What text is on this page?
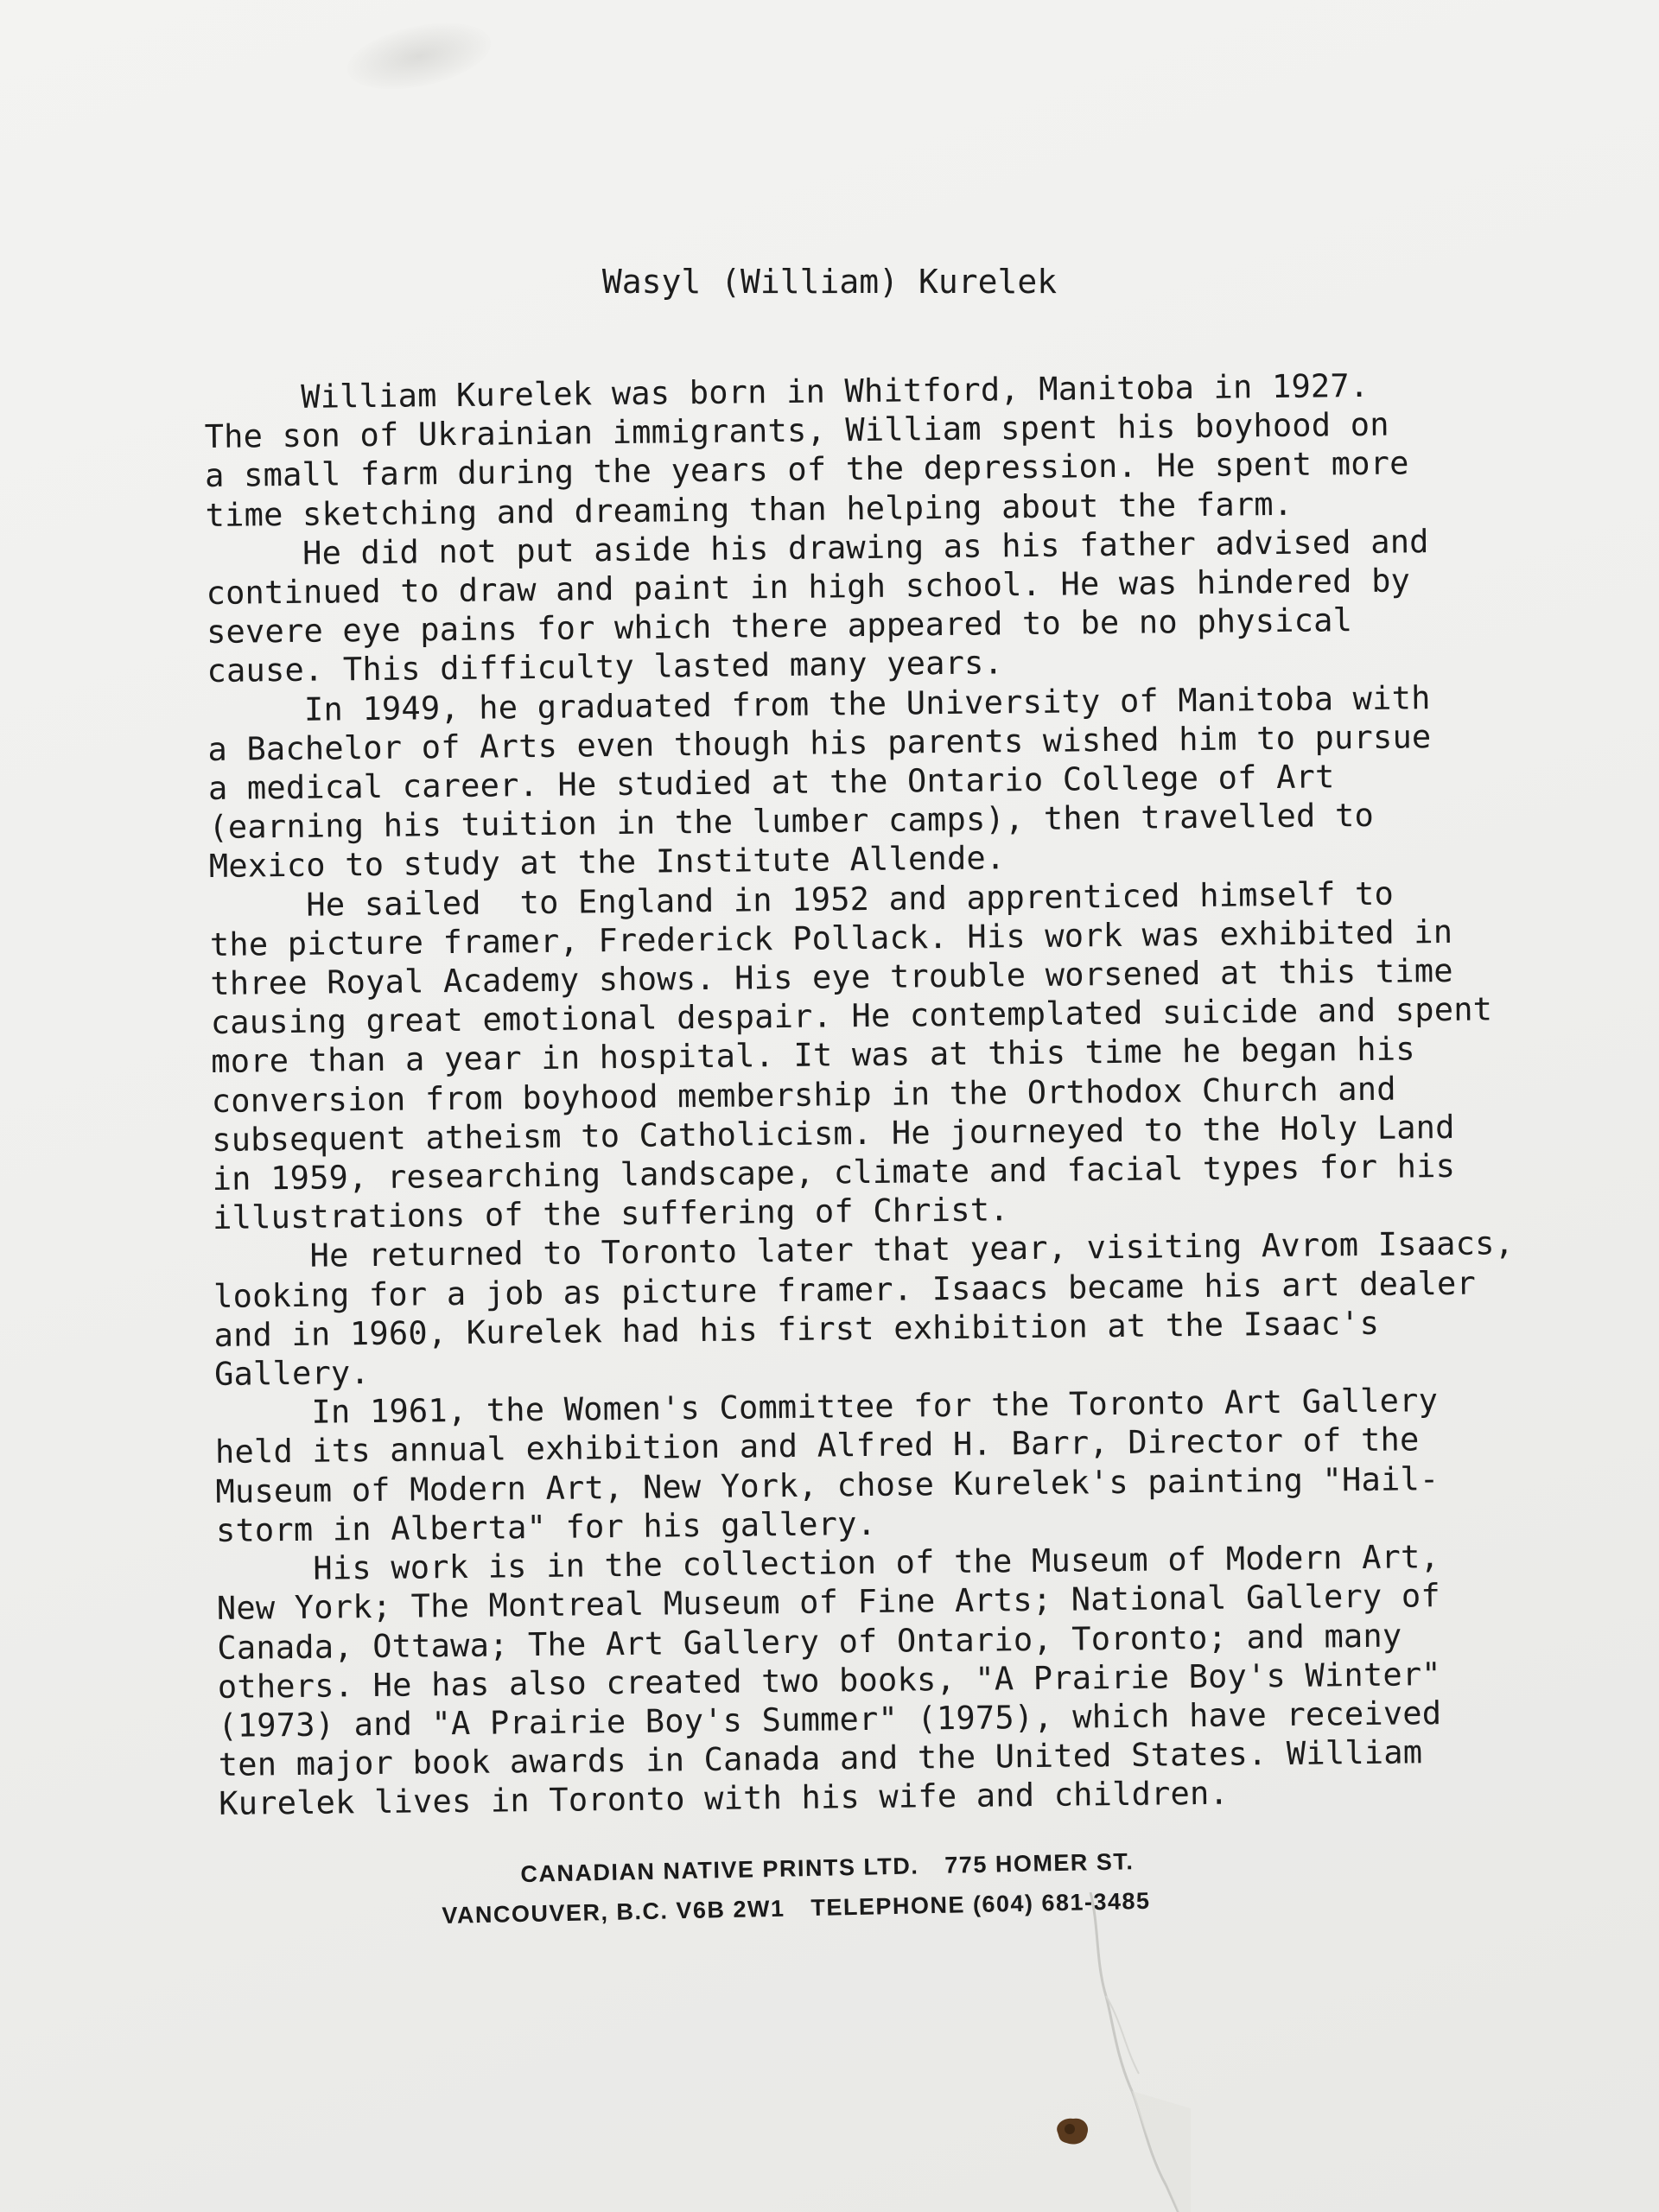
Wasyl (William) Kurelek
William Kurelek was born in Whitford, Manitoba in 1927.
The son of Ukrainian immigrants, William spent his boyhood on
a small farm during the years of the depression. He spent more
time sketching and dreaming than helping about the farm.
He did not put aside his drawing as his father advised and
continued to draw and paint in high school. He was hindered by
severe eye pains for which there appeared to be no physical
cause. This difficulty lasted many years.
In 1949, he graduated from the University of Manitoba with
a Bachelor of Arts even though his parents wished him to pursue
a medical career. He studied at the Ontario College of Art
(earning his tuition in the lumber camps), then travelled to
Mexico to study at the Institute Allende.
He sailed  to England in 1952 and apprenticed himself to
the picture framer, Frederick Pollack. His work was exhibited in
three Royal Academy shows. His eye trouble worsened at this time
causing great emotional despair. He contemplated suicide and spent
more than a year in hospital. It was at this time he began his
conversion from boyhood membership in the Orthodox Church and
subsequent atheism to Catholicism. He journeyed to the Holy Land
in 1959, researching landscape, climate and facial types for his
illustrations of the suffering of Christ.
He returned to Toronto later that year, visiting Avrom Isaacs,
looking for a job as picture framer. Isaacs became his art dealer
and in 1960, Kurelek had his first exhibition at the Isaac's
Gallery.
In 1961, the Women's Committee for the Toronto Art Gallery
held its annual exhibition and Alfred H. Barr, Director of the
Museum of Modern Art, New York, chose Kurelek's painting "Hail-
storm in Alberta" for his gallery.
His work is in the collection of the Museum of Modern Art,
New York; The Montreal Museum of Fine Arts; National Gallery of
Canada, Ottawa; The Art Gallery of Ontario, Toronto; and many
others. He has also created two books, "A Prairie Boy's Winter"
(1973) and "A Prairie Boy's Summer" (1975), which have received
ten major book awards in Canada and the United States. William
Kurelek lives in Toronto with his wife and children.
CANADIAN NATIVE PRINTS LTD. 775 HOMER ST.
VANCOUVER, B.C. V6B 2W1 TELEPHONE (604) 681-3485
